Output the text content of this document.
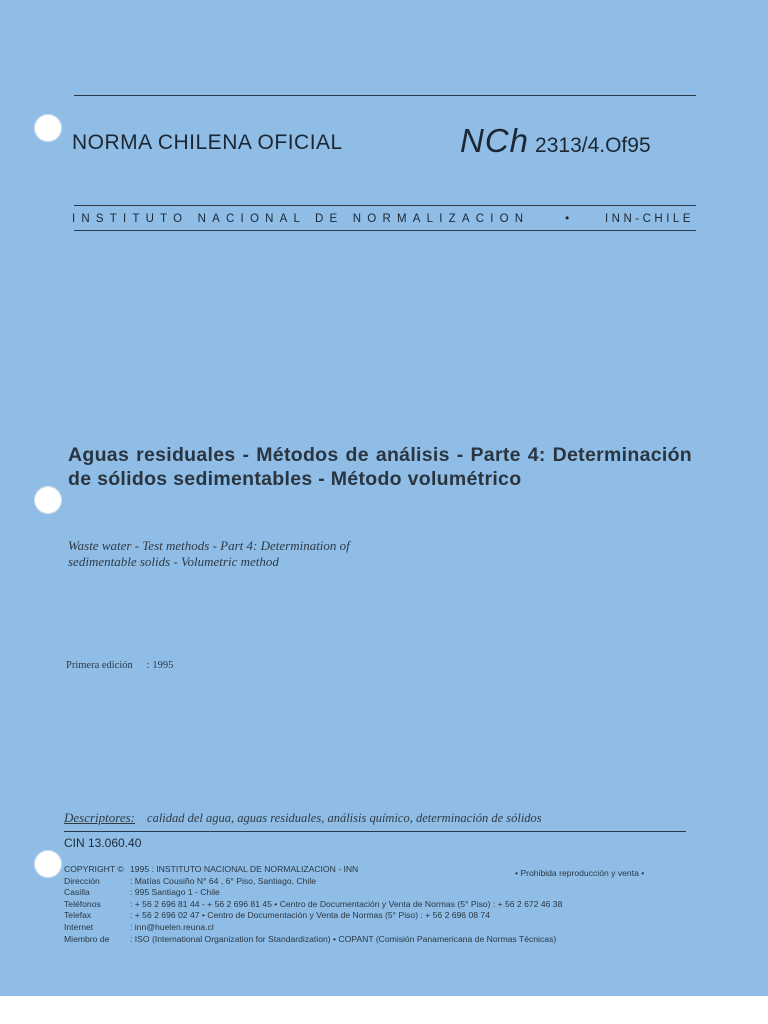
NORMA CHILENA OFICIAL	NCh 2313/4.Of95
INSTITUTO NACIONAL DE NORMALIZACION	•	INN-CHILE
Aguas residuales - Métodos de análisis - Parte 4: Determinación de sólidos sedimentables - Método volumétrico
Waste water - Test methods - Part 4: Determination of
sedimentable solids - Volumetric method
Primera edición : 1995
Descriptores: calidad del agua, aguas residuales, análisis químico, determinación de sólidos
CIN 13.060.40
• Prohibida reproducción y venta •
COPYRIGHT © 1995 : INSTITUTO NACIONAL DE NORMALIZACION - INN
Dirección	: Matías Cousiño N° 64 , 6° Piso, Santiago, Chile
Casilla	: 995 Santiago 1 - Chile
Teléfonos	: + 56 2 696 81 44 - + 56 2 696 81 45 • Centro de Documentación y Venta de Normas (5° Piso) : + 56 2 672 46 38
Telefax	: + 56 2 696 02 47 • Centro de Documentación y Venta de Normas (5° Piso) : + 56 2 696 08 74
Internet	: inn@huelen.reuna.cl
Miembro de	: ISO (International Organization for Standardization) • COPANT (Comisión Panamericana de Normas Técnicas)
